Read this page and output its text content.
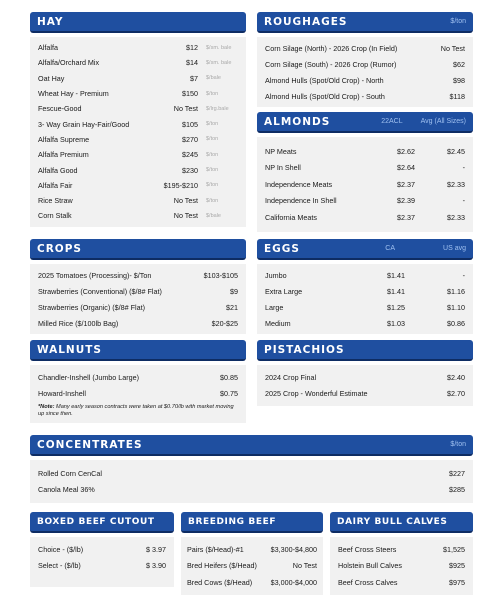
HAY
Alfalfa	$12	$/sm. bale
Alfalfa/Orchard Mix	$14	$/sm. bale
Oat Hay	$7	$/bale
Wheat Hay - Premium	$150	$/ton
Fescue-Good	No Test	$/lrg.bale
3- Way Grain Hay-Fair/Good	$105	$/ton
Alfalfa Supreme	$270	$/ton
Alfalfa Premium	$245	$/ton
Alfalfa Good	$230	$/ton
Alfalfa Fair	$195-$210	$/ton
Rice Straw	No Test	$/ton
Corn Stalk	No Test	$/bale
ROUGHAGES	$/ton
Corn Silage (North) - 2026 Crop (In Field)	No Test
Corn Silage (South) - 2026 Crop (Rumor)	$62
Almond Hulls (Spot/Old Crop) - North	$98
Almond Hulls (Spot/Old Crop) - South	$118
ALMONDS	22ACL	Avg (All Sizes)
NP Meats	$2.62	$2.45
NP In Shell	$2.64	-
Independence Meats	$2.37	$2.33
Independence In Shell	$2.39	-
California Meats	$2.37	$2.33
CROPS
2025 Tomatoes (Processing)- $/Ton	$103-$105
Strawberries (Conventional) ($/8# Flat)	$9
Strawberries (Organic) ($/8# Flat)	$21
Milled Rice ($/100lb Bag)	$20-$25
EGGS	CA	US avg
Jumbo	$1.41	-
Extra Large	$1.41	$1.16
Large	$1.25	$1.10
Medium	$1.03	$0.86
WALNUTS
Chandler-Inshell (Jumbo Large)	$0.85
Howard-Inshell	$0.75
*Note: Many early season contracts were taken at $0.70/lb with market moving up since then.
PISTACHIOS
2024 Crop Final	$2.40
2025 Crop - Wonderful Estimate	$2.70
CONCENTRATES	$/ton
Rolled Corn CenCal	$227
Canola Meal 36%	$285
BOXED BEEF CUTOUT
Choice - ($/lb)	$ 3.97
Select - ($/lb)	$ 3.90
BREEDING BEEF
Pairs ($/Head)-#1	$3,300-$4,800
Bred Heifers ($/Head)	No Test
Bred Cows ($/Head)	$3,000-$4,000
DAIRY BULL CALVES
Beef Cross Steers	$1,525
Holstein Bull Calves	$925
Beef Cross Calves	$975
